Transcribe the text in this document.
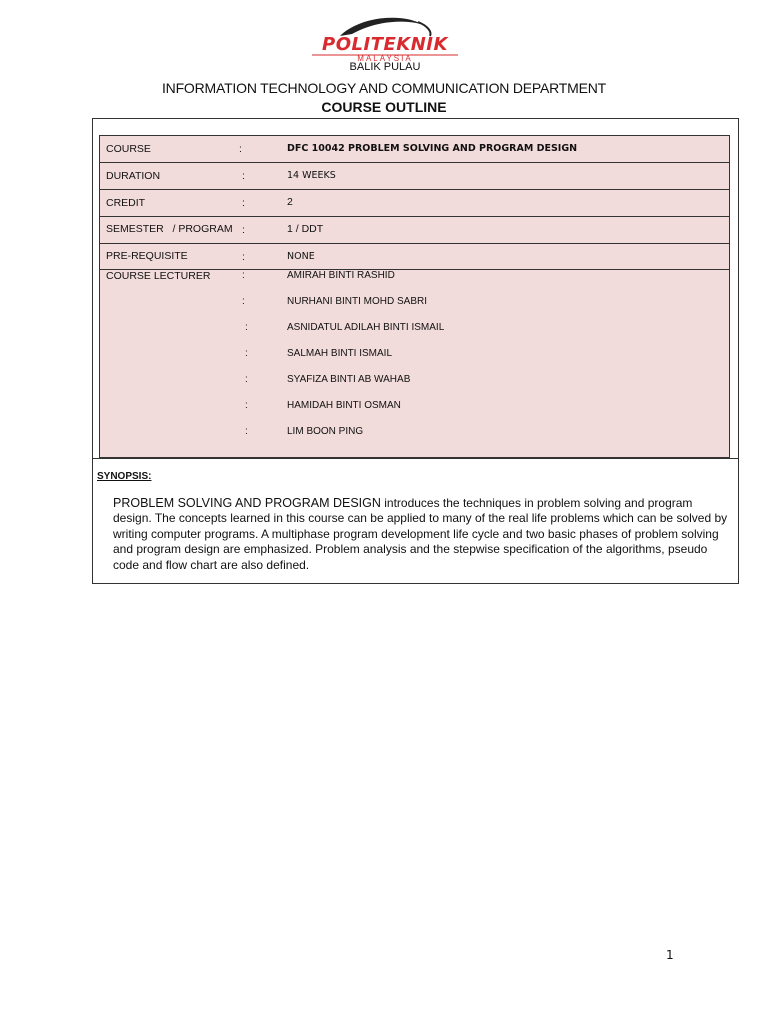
POLITEKNIK
MALAYSIA
BALIK PULAU
INFORMATION TECHNOLOGY AND COMMUNICATION DEPARTMENT
COURSE OUTLINE
COURSE	:	DFC 10042 PROBLEM SOLVING AND PROGRAM DESIGN
DURATION	:	14 WEEKS
CREDIT	:	2
SEMESTER   / PROGRAM :	1 / DDT
PRE-REQUISITE	:	NONE
COURSE LECTURER	:	AMIRAH BINTI RASHID
:	NURHANI BINTI MOHD SABRI
:	ASNIDATUL ADILAH BINTI ISMAIL
:	SALMAH BINTI ISMAIL
:	SYAFIZA BINTI AB WAHAB
:	HAMIDAH BINTI OSMAN
:	LIM BOON PING
SYNOPSIS:
PROBLEM SOLVING AND PROGRAM DESIGN introduces the techniques in problem solving and program design. The concepts learned in this course can be applied to many of the real life problems which can be solved by writing computer programs. A multiphase program development life cycle and two basic phases of problem solving and program design are emphasized. Problem analysis and the stepwise specification of the algorithms, pseudo code and flow chart are also defined.
1
